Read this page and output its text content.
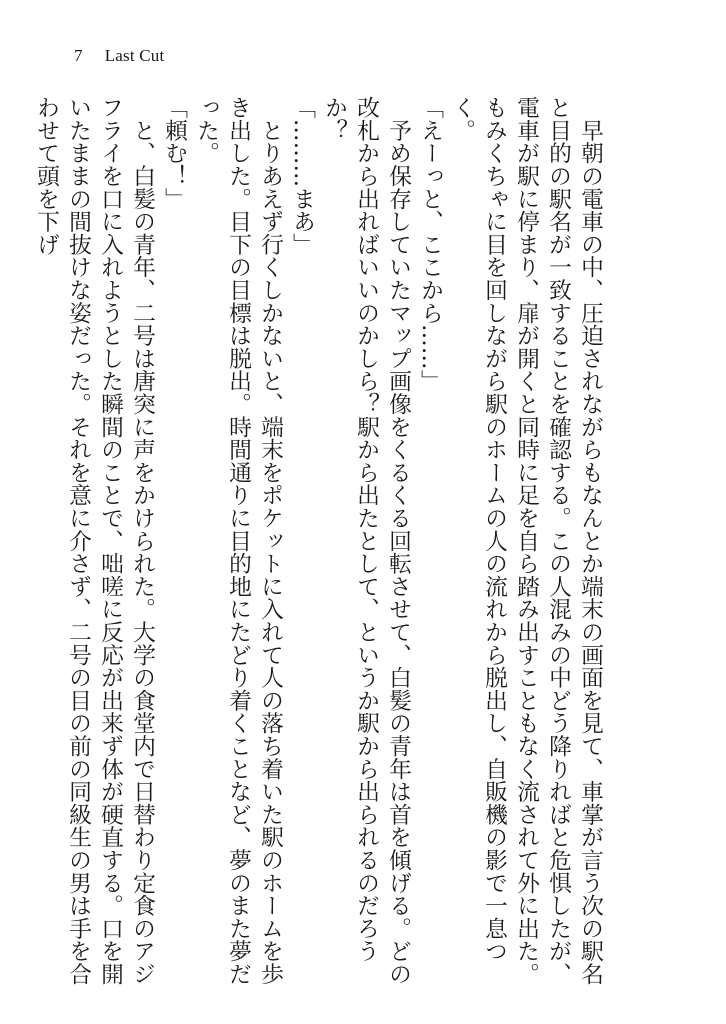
7 Last Cut

　早朝の電車の中、圧迫されながらもなんとか端末の画面を見て、車掌が言う次の駅名と目的の駅名が一致することを確認する。この人混みの中どう降りればと危惧したが、電車が駅に停まり、扉が開くと同時に足を自ら踏み出すこともなく流されて外に出た。もみくちゃに目を回しながら駅のホームの人の流れから脱出し、自販機の影で一息つく。

「えーっと、ここから……」

　予め保存していたマップ画像をくるくる回転させて、白髪の青年は首を傾げる。どの改札から出ればいいのかしら？駅から出たとして、というか駅から出られるのだろうか？

「………まあ」

　とりあえず行くしかないと、端末をポケットに入れて人の落ち着いた駅のホームを歩き出した。目下の目標は脱出。時間通りに目的地にたどり着くことなど、夢のまた夢だった。

「頼む！」

　と、白髪の青年、二号は唐突に声をかけられた。大学の食堂内で日替わり定食のアジフライを口に入れようとした瞬間のことで、咄嗟に反応が出来ず体が硬直する。口を開いたままの間抜けな姿だった。それを意に介さず、二号の目の前の同級生の男は手を合わせて頭を下げ
